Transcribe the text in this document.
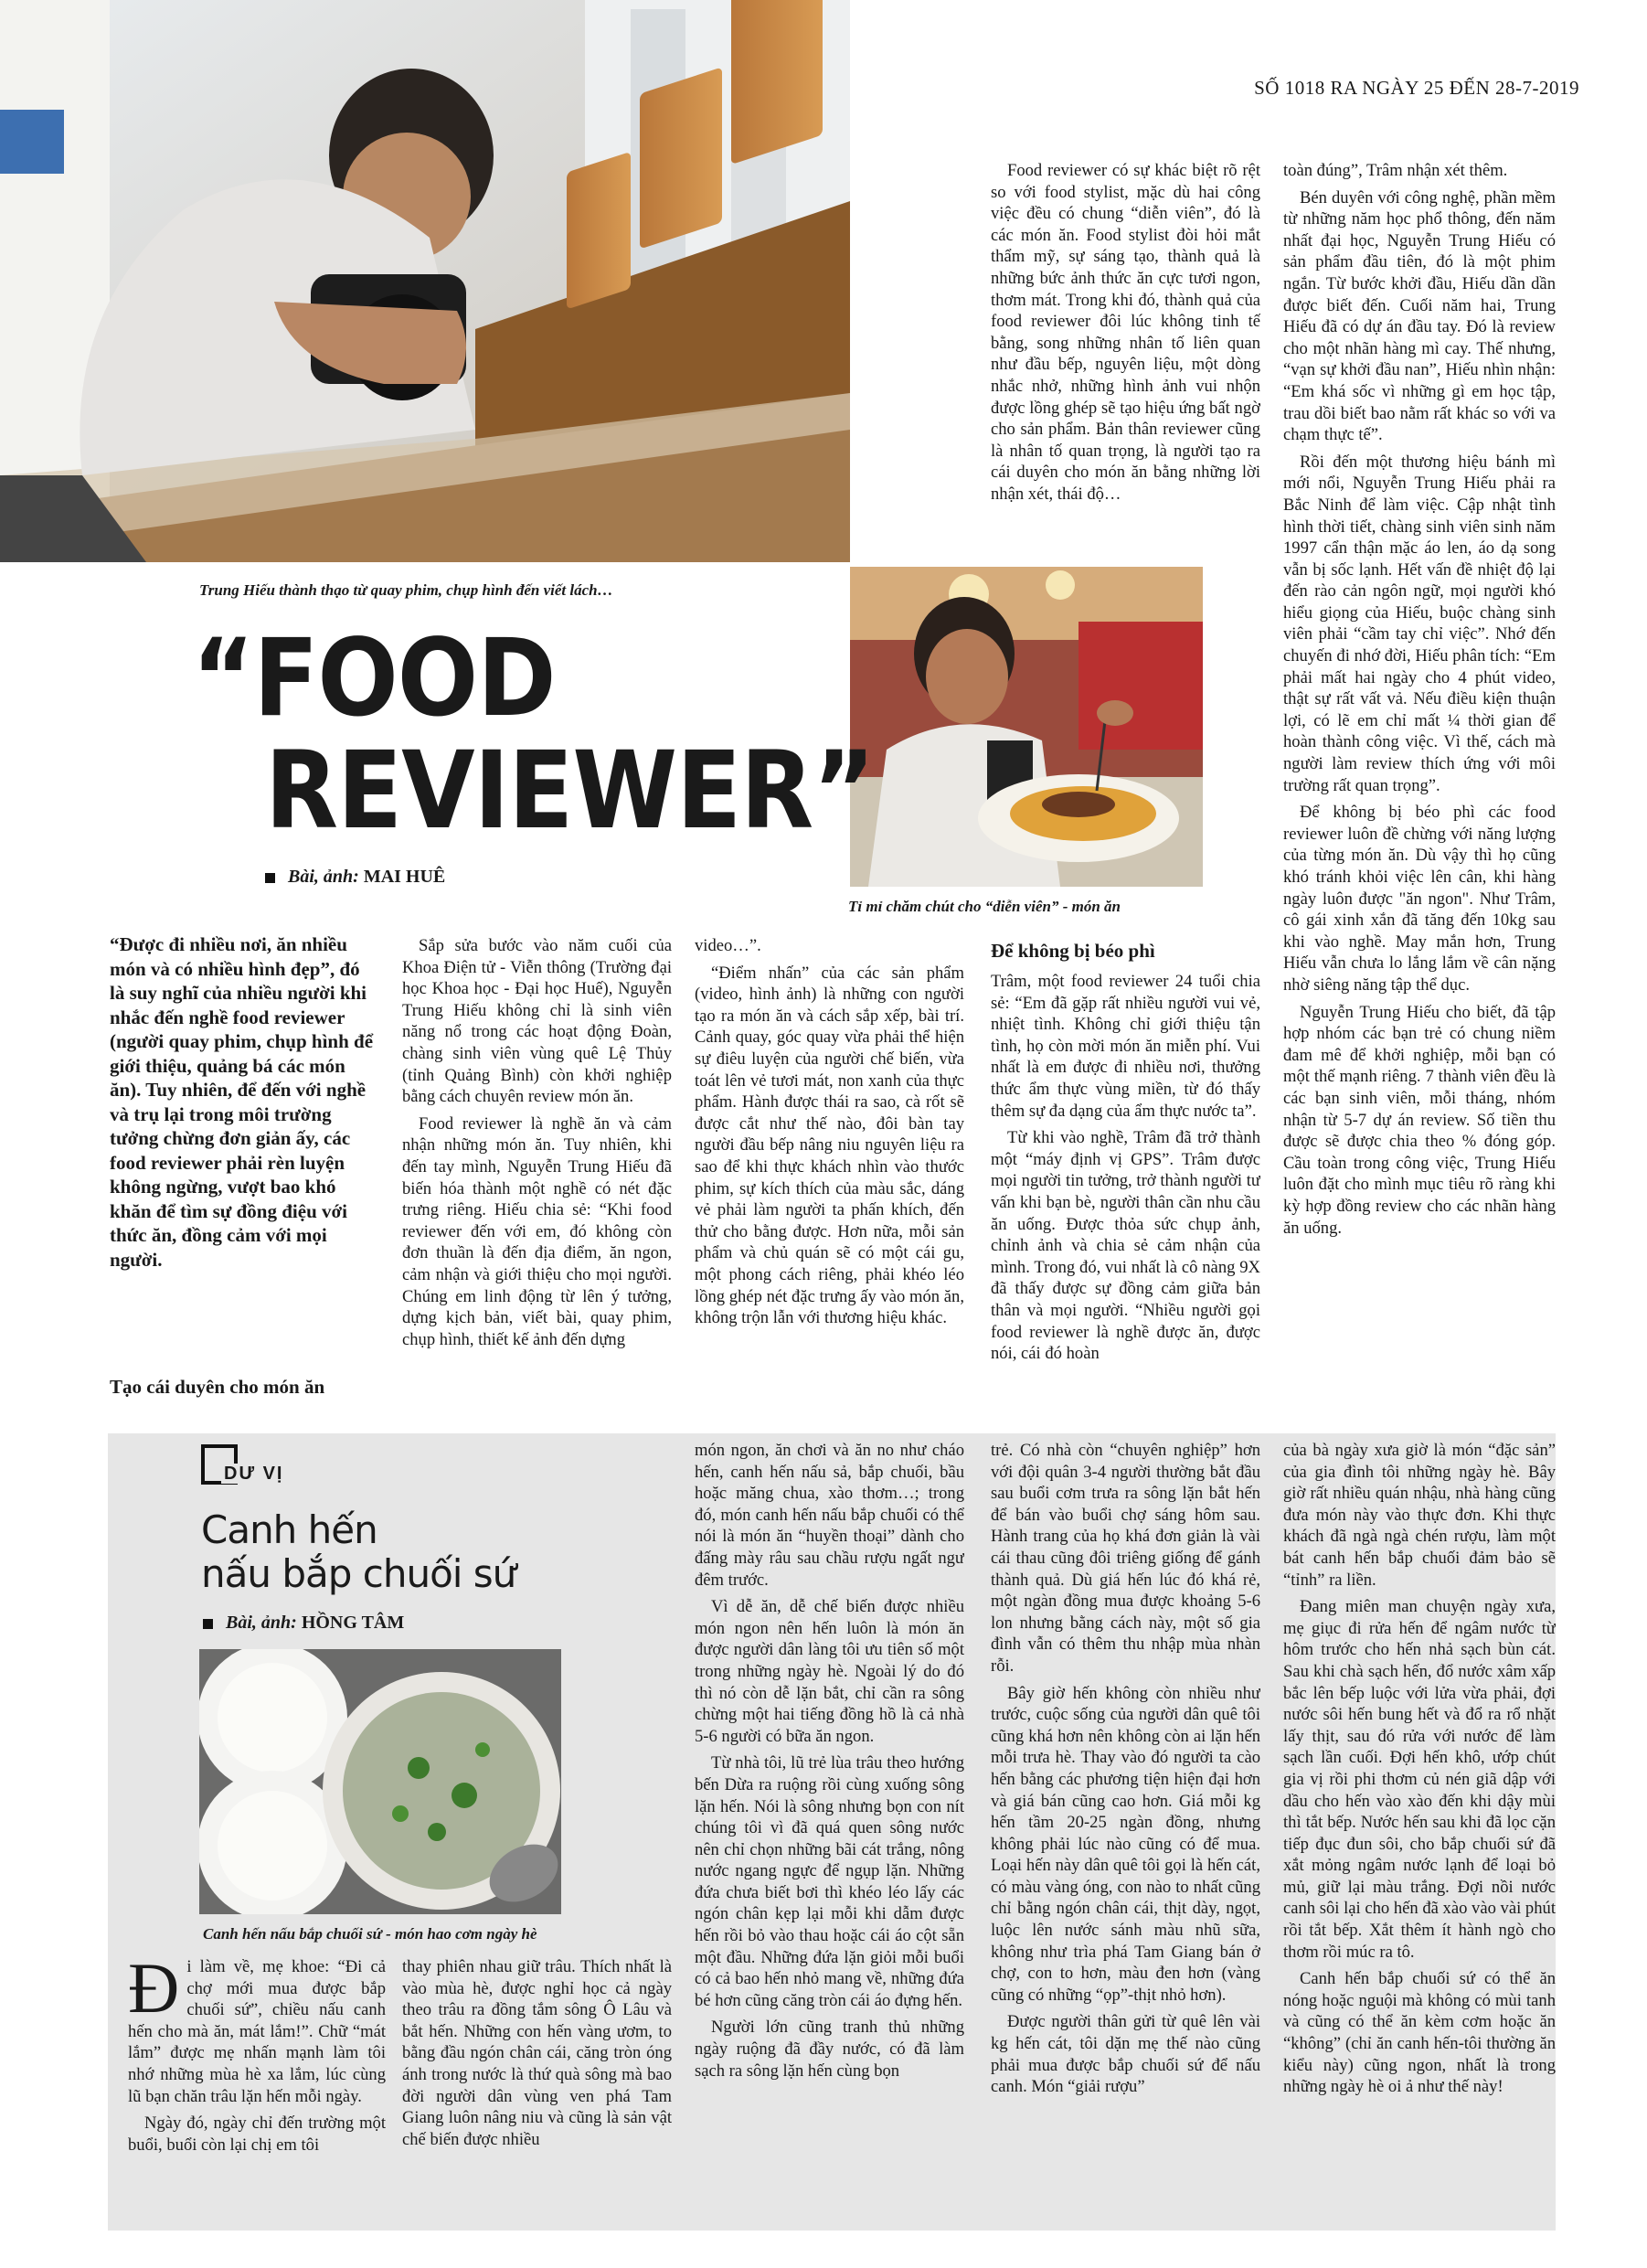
SỐ 1018 RA NGÀY 25 ĐẾN 28-7-2019
Trung Hiếu thành thạo từ quay phim, chụp hình đến viết lách…
Tỉ mỉ chăm chút cho “diễn viên” - món ăn
“FOOD
REVIEWER”
Bài, ảnh: MAI HUÊ
“Được đi nhiều nơi, ăn nhiều món và có nhiều hình đẹp”, đó là suy nghĩ của nhiều người khi nhắc đến nghề food reviewer (người quay phim, chụp hình để giới thiệu, quảng bá các món ăn). Tuy nhiên, để đến với nghề và trụ lại trong môi trường tưởng chừng đơn giản ấy, các food reviewer phải rèn luyện không ngừng, vượt bao khó khăn để tìm sự đồng điệu với thức ăn, đồng cảm với mọi người.
Tạo cái duyên cho món ăn

Sắp sửa bước vào năm cuối của Khoa Điện tử - Viễn thông (Trường đại học Khoa học - Đại học Huế), Nguyễn Trung Hiếu không chỉ là sinh viên năng nổ trong các hoạt động Đoàn, chàng sinh viên vùng quê Lệ Thủy (tỉnh Quảng Bình) còn khởi nghiệp bằng cách chuyên review món ăn.

Food reviewer là nghề ăn và cảm nhận những món ăn. Tuy nhiên, khi đến tay mình, Nguyễn Trung Hiếu đã biến hóa thành một nghề có nét đặc trưng riêng. Hiếu chia sẻ: “Khi food reviewer đến với em, đó không còn đơn thuần là đến địa điểm, ăn ngon, cảm nhận và giới thiệu cho mọi người. Chúng em linh động từ lên ý tưởng, dựng kịch bản, viết bài, quay phim, chụp hình, thiết kế ảnh đến dựng

video…”.

“Điểm nhấn” của các sản phẩm (video, hình ảnh) là những con người tạo ra món ăn và cách sắp xếp, bài trí. Cảnh quay, góc quay vừa phải thể hiện sự điêu luyện của người chế biến, vừa toát lên vẻ tươi mát, non xanh của thực phẩm. Hành được thái ra sao, cà rốt sẽ được cắt như thế nào, đôi bàn tay người đầu bếp nâng niu nguyên liệu ra sao để khi thực khách nhìn vào thước phim, sự kích thích của màu sắc, dáng vẻ phải làm người ta phấn khích, đến thử cho bằng được. Hơn nữa, mỗi sản phẩm và chủ quán sẽ có một cái gu, một phong cách riêng, phải khéo léo lồng ghép nét đặc trưng ấy vào món ăn, không trộn lẫn với thương hiệu khác.

Food reviewer có sự khác biệt rõ rệt so với food stylist, mặc dù hai công việc đều có chung “diễn viên”, đó là các món ăn. Food stylist đòi hỏi mắt thẩm mỹ, sự sáng tạo, thành quả là những bức ảnh thức ăn cực tươi ngon, thơm mát. Trong khi đó, thành quả của food reviewer đôi lúc không tinh tế bằng, song những nhân tố liên quan như đầu bếp, nguyên liệu, một dòng nhắc nhở, những hình ảnh vui nhộn được lồng ghép sẽ tạo hiệu ứng bất ngờ cho sản phẩm. Bản thân reviewer cũng là nhân tố quan trọng, là người tạo ra cái duyên cho món ăn bằng những lời nhận xét, thái độ…

Để không bị béo phì

Trâm, một food reviewer 24 tuổi chia sẻ: “Em đã gặp rất nhiều người vui vẻ, nhiệt tình. Không chỉ giới thiệu tận tình, họ còn mời món ăn miễn phí. Vui nhất là em được đi nhiều nơi, thưởng thức ẩm thực vùng miền, từ đó thấy thêm sự đa dạng của ẩm thực nước ta”.

Từ khi vào nghề, Trâm đã trở thành một “máy định vị GPS”. Trâm được mọi người tin tưởng, trở thành người tư vấn khi bạn bè, người thân cần nhu cầu ăn uống. Được thỏa sức chụp ảnh, chỉnh ảnh và chia sẻ cảm nhận của mình. Trong đó, vui nhất là cô nàng 9X đã thấy được sự đồng cảm giữa bản thân và mọi người. “Nhiều người gọi food reviewer là nghề được ăn, được nói, cái đó hoàn

toàn đúng”, Trâm nhận xét thêm.

Bén duyên với công nghệ, phần mềm từ những năm học phổ thông, đến năm nhất đại học, Nguyễn Trung Hiếu có sản phẩm đầu tiên, đó là một phim ngắn. Từ bước khởi đầu, Hiếu dần dần được biết đến. Cuối năm hai, Trung Hiếu đã có dự án đầu tay. Đó là review cho một nhãn hàng mì cay. Thế nhưng, “vạn sự khởi đầu nan”, Hiếu nhìn nhận: “Em khá sốc vì những gì em học tập, trau dồi biết bao nằm rất khác so với va chạm thực tế”.

Rồi đến một thương hiệu bánh mì mới nổi, Nguyễn Trung Hiếu phải ra Bắc Ninh để làm việc. Cập nhật tình hình thời tiết, chàng sinh viên sinh năm 1997 cẩn thận mặc áo len, áo dạ song vẫn bị sốc lạnh. Hết vấn đề nhiệt độ lại đến rào cản ngôn ngữ, mọi người khó hiểu giọng của Hiếu, buộc chàng sinh viên phải “cầm tay chỉ việc”. Nhớ đến chuyến đi nhớ đời, Hiếu phân tích: “Em phải mất hai ngày cho 4 phút video, thật sự rất vất vả. Nếu điều kiện thuận lợi, có lẽ em chỉ mất ¼ thời gian để hoàn thành công việc. Vì thế, cách mà người làm review thích ứng với môi trường rất quan trọng”.

Để không bị béo phì các food reviewer luôn đề chừng với năng lượng của từng món ăn. Dù vậy thì họ cũng khó tránh khỏi việc lên cân, khi hàng ngày luôn được "ăn ngon". Như Trâm, cô gái xinh xắn đã tăng đến 10kg sau khi vào nghề. May mắn hơn, Trung Hiếu vẫn chưa lo lắng lắm về cân nặng nhờ siêng năng tập thể dục.

Nguyễn Trung Hiếu cho biết, đã tập hợp nhóm các bạn trẻ có chung niềm đam mê để khởi nghiệp, mỗi bạn có một thế mạnh riêng. 7 thành viên đều là các bạn sinh viên, mỗi tháng, nhóm nhận từ 5-7 dự án review. Số tiền thu được sẽ được chia theo % đóng góp. Cầu toàn trong công việc, Trung Hiếu luôn đặt cho mình mục tiêu rõ ràng khi kỳ hợp đồng review cho các nhãn hàng ăn uống.

DƯ VỊ
Canh hến
nấu bắp chuối sứ
Bài, ảnh: HỒNG TÂM
Canh hến nấu bắp chuối sứ - món hao cơm ngày hè

Đi làm về, mẹ khoe: “Đi cả chợ mới mua được bắp chuối sứ”, chiều nấu canh hến cho mà ăn, mát lắm!”. Chữ “mát lắm” được mẹ nhấn mạnh làm tôi nhớ những mùa hè xa lắm, lúc cùng lũ bạn chăn trâu lặn hến mỗi ngày.

Ngày đó, ngày chỉ đến trường một buổi, buổi còn lại chị em tôi

thay phiên nhau giữ trâu. Thích nhất là vào mùa hè, được nghỉ học cả ngày theo trâu ra đồng tắm sông Ô Lâu và bắt hến. Những con hến vàng ươm, to bằng đầu ngón chân cái, căng tròn óng ánh trong nước là thứ quà sông mà bao đời người dân vùng ven phá Tam Giang luôn nâng niu và cũng là sản vật chế biến được nhiều

món ngon, ăn chơi và ăn no như cháo hến, canh hến nấu sả, bắp chuối, bầu hoặc măng chua, xào thơm…; trong đó, món canh hến nấu bắp chuối có thể nói là món ăn “huyền thoại” dành cho đấng mày râu sau chầu rượu ngất ngư đêm trước.

Vì dễ ăn, dễ chế biến được nhiều món ngon nên hến luôn là món ăn được người dân làng tôi ưu tiên số một trong những ngày hè. Ngoài lý do đó thì nó còn dễ lặn bắt, chỉ cần ra sông chừng một hai tiếng đồng hồ là cả nhà 5-6 người có bữa ăn ngon.

Từ nhà tôi, lũ trẻ lùa trâu theo hướng bến Dừa ra ruộng rồi cùng xuống sông lặn hến. Nói là sông nhưng bọn con nít chúng tôi vì đã quá quen sông nước nên chỉ chọn những bãi cát trắng, nông nước ngang ngực để ngụp lặn. Những đứa chưa biết bơi thì khéo léo lấy các ngón chân kẹp lại mỗi khi dẫm được hến rồi bỏ vào thau hoặc cái áo cột sẵn một đầu. Những đứa lặn giỏi mỗi buổi có cả bao hến nhỏ mang về, những đứa bé hơn cũng căng tròn cái áo đựng hến.

Người lớn cũng tranh thủ những ngày ruộng đã đầy nước, có đã làm sạch ra sông lặn hến cùng bọn

trẻ. Có nhà còn “chuyên nghiệp” hơn với đội quân 3-4 người thường bắt đầu sau buổi cơm trưa ra sông lặn bắt hến để bán vào buổi chợ sáng hôm sau. Hành trang của họ khá đơn giản là vài cái thau cũng đôi triêng giống để gánh thành quả. Dù giá hến lúc đó khá rẻ, một ngàn đồng mua được khoảng 5-6 lon nhưng bằng cách này, một số gia đình vẫn có thêm thu nhập mùa nhàn rỗi.

Bây giờ hến không còn nhiều như trước, cuộc sống của người dân quê tôi cũng khá hơn nên không còn ai lặn hến mỗi trưa hè. Thay vào đó người ta cào hến bằng các phương tiện hiện đại hơn và giá bán cũng cao hơn. Giá mỗi kg hến tầm 20-25 ngàn đồng, nhưng không phải lúc nào cũng có để mua. Loại hến này dân quê tôi gọi là hến cát, có màu vàng óng, con nào to nhất cũng chỉ bằng ngón chân cái, thịt dày, ngọt, luộc lên nước sánh màu nhũ sữa, không như trìa phá Tam Giang bán ở chợ, con to hơn, màu đen hơn (vàng cũng có những “ọp”-thịt nhỏ hơn).

Được người thân gửi từ quê lên vài kg hến cát, tôi dặn mẹ thế nào cũng phải mua được bắp chuối sứ để nấu canh. Món “giải rượu”

của bà ngày xưa giờ là món “đặc sản” của gia đình tôi những ngày hè. Bây giờ rất nhiều quán nhậu, nhà hàng cũng đưa món này vào thực đơn. Khi thực khách đã ngà ngà chén rượu, làm một bát canh hến bắp chuối đảm bảo sẽ “tỉnh” ra liền.

Đang miên man chuyện ngày xưa, mẹ giục đi rửa hến để ngâm nước từ hôm trước cho hến nhả sạch bùn cát. Sau khi chà sạch hến, đổ nước xâm xấp bắc lên bếp luộc với lửa vừa phải, đợi nước sôi hến bung hết và đổ ra rổ nhặt lấy thịt, sau đó rửa với nước để làm sạch lần cuối. Đợi hến khô, ướp chút gia vị rồi phi thơm củ nén giã dập với dầu cho hến vào xào đến khi dậy mùi thì tắt bếp. Nước hến sau khi đã lọc cặn tiếp đục đun sôi, cho bắp chuối sứ đã xắt mỏng ngâm nước lạnh để loại bỏ mủ, giữ lại màu trắng. Đợi nồi nước canh sôi lại cho hến đã xào vào vài phút rồi tắt bếp. Xắt thêm ít hành ngò cho thơm rồi múc ra tô.

Canh hến bắp chuối sứ có thể ăn nóng hoặc nguội mà không có mùi tanh và cũng có thể ăn kèm cơm hoặc ăn “không” (chỉ ăn canh hến-tôi thường ăn kiểu này) cũng ngon, nhất là trong những ngày hè oi ả như thế này!
